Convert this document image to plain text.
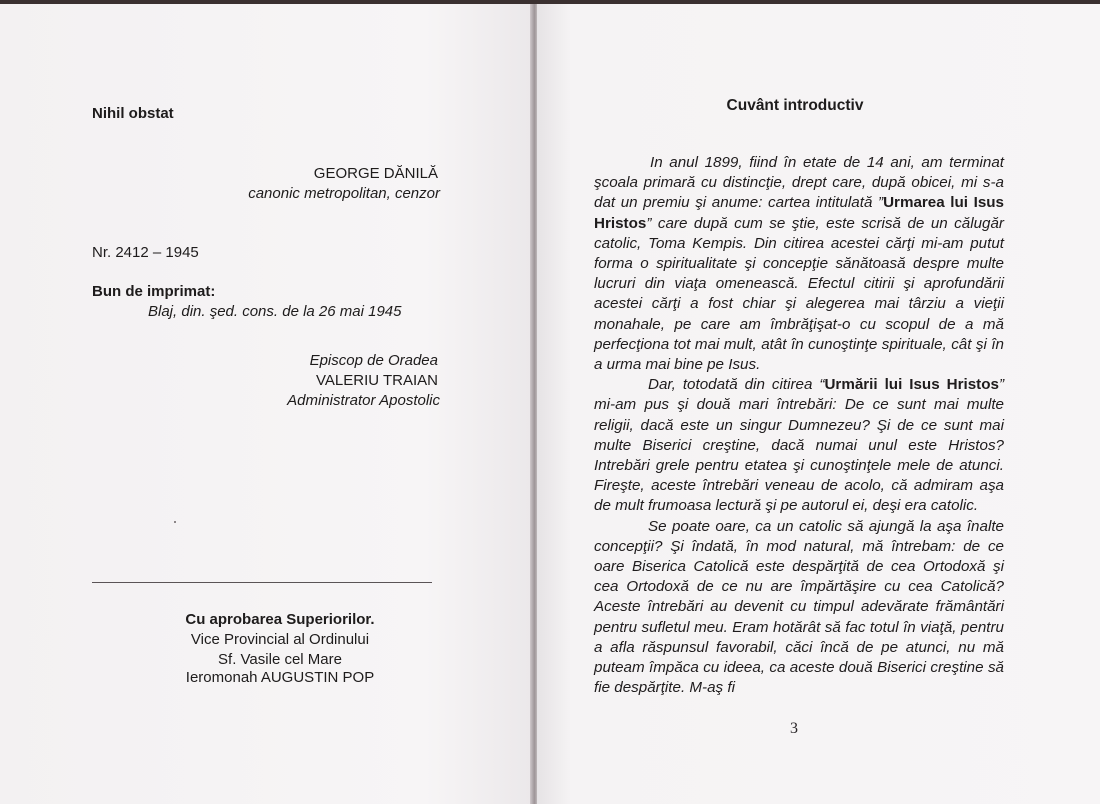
Nihil obstat
GEORGE DĂNILĂ
canonic metropolitan, cenzor
Nr. 2412 – 1945
Bun de imprimat:
Blaj, din. şed. cons. de la 26 mai 1945
Episcop de Oradea
VALERIU TRAIAN
Administrator Apostolic
Cu aprobarea Superiorilor.
Vice Provincial al Ordinului
Sf. Vasile cel Mare
Ieromonah AUGUSTIN POP
Cuvânt introductiv

In anul 1899, fiind în etate de 14 ani, am terminat şcoala primară cu distincţie, drept care, după obicei, mi s-a dat un premiu şi anume: cartea intitulată ”Urmarea lui Isus Hristos” care după cum se ştie, este scrisă de un călugăr catolic, Toma Kempis. Din citirea acestei cărţi mi-am putut forma o spiritualitate şi concepţie sănătoasă despre multe lucruri din viaţa omenească. Efectul citirii şi aprofundării acestei cărţi a fost chiar şi alegerea mai târziu a vieţii monahale, pe care am îmbrăţişat-o cu scopul de a mă perfecţiona tot mai mult, atât în cunoştinţe spirituale, cât şi în a urma mai bine pe Isus.

Dar, totodată din citirea “Urmării lui Isus Hristos” mi-am pus şi două mari întrebări: De ce sunt mai multe religii, dacă este un singur Dumnezeu? Şi de ce sunt mai multe Biserici creştine, dacă numai unul este Hristos? Intrebări grele pentru etatea şi cunoştinţele mele de atunci. Fireşte, aceste întrebări veneau de acolo, că admiram aşa de mult frumoasa lectură şi pe autorul ei, deşi era catolic.

Se poate oare, ca un catolic să ajungă la aşa înalte concepţii? Şi îndată, în mod natural, mă întrebam: de ce oare Biserica Catolică este despărţită de cea Ortodoxă şi cea Ortodoxă de ce nu are împărtăşire cu cea Catolică? Aceste întrebări au devenit cu timpul adevărate frământări pentru sufletul meu. Eram hotărât să fac totul în viaţă, pentru a afla răspunsul favorabil, căci încă de pe atunci, nu mă puteam împăca cu ideea, ca aceste două Biserici creştine să fie despărţite. M-aş fi

3
